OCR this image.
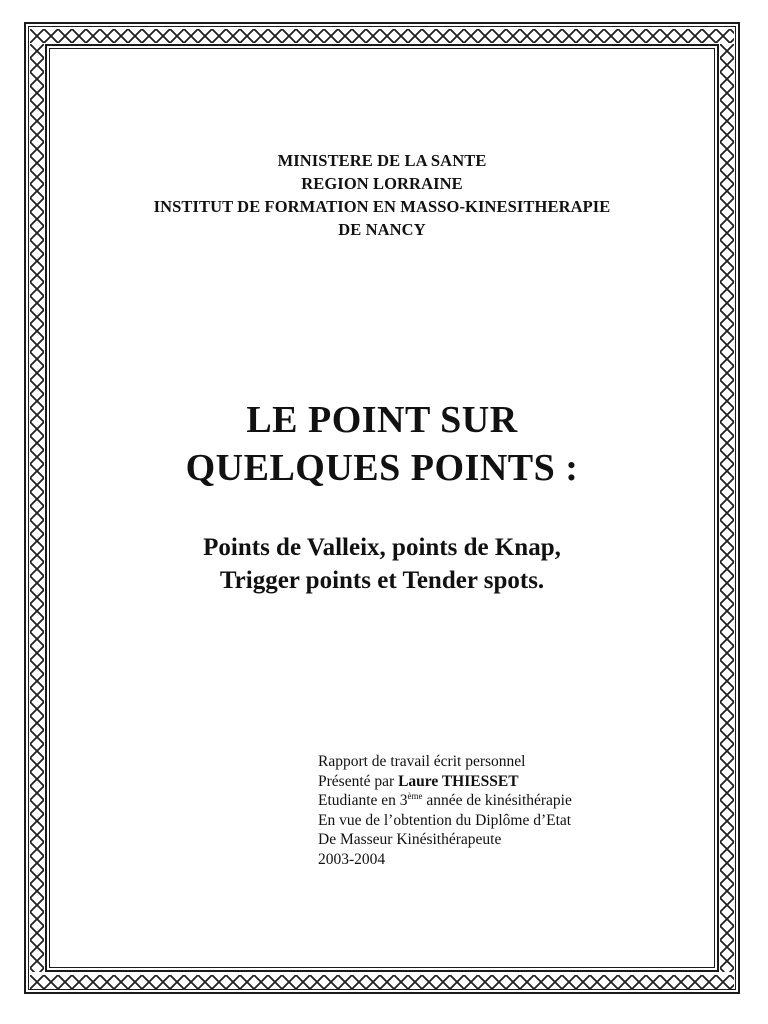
MINISTERE DE LA SANTE
REGION LORRAINE
INSTITUT DE FORMATION EN MASSO-KINESITHERAPIE
DE NANCY
LE POINT SUR
QUELQUES POINTS :
Points de Valleix, points de Knap,
Trigger points et Tender spots.
Rapport de travail écrit personnel
Présenté par Laure THIESSET
Etudiante en 3ème année de kinésithérapie
En vue de l’obtention du Diplôme d’Etat
De Masseur Kinésithérapeute
2003-2004
